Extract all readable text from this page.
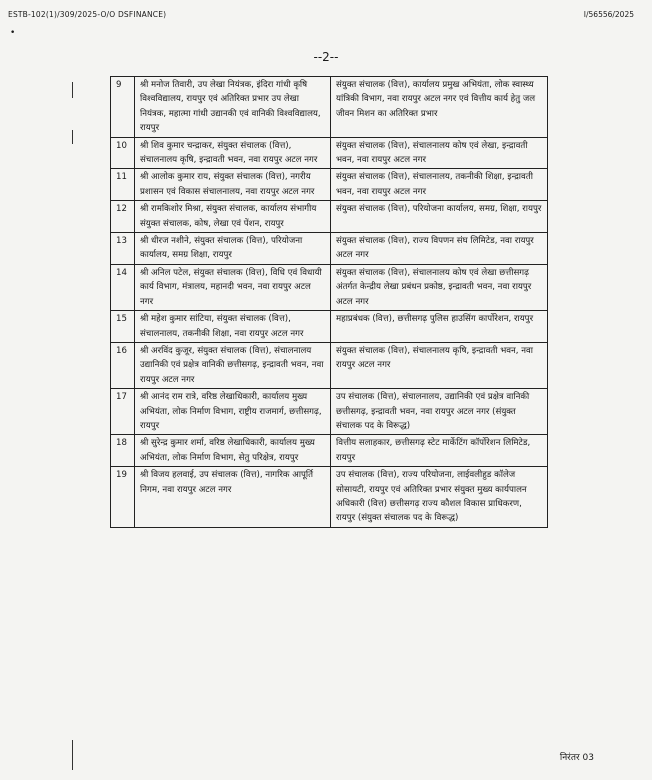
ESTB-102(1)/309/2025-O/O DSFINANCE)	I/56556/2025
•
--2--
9	श्री मनोज तिवारी, उप लेखा नियंत्रक, इंदिरा गांधी कृषि विश्वविद्यालय, रायपुर एवं अतिरिक्त प्रभार उप लेखा नियंत्रक, महात्मा गांधी उद्यानकी एवं वानिकी विश्वविद्यालय, रायपुर	संयुक्त संचालक (वित्त), कार्यालय प्रमुख अभियंता, लोक स्वास्थ्य यांत्रिकी विभाग, नवा रायपुर अटल नगर एवं वित्तीय कार्य हेतु जल जीवन मिशन का अतिरिक्त प्रभार
10	श्री शिव कुमार चन्द्राकर, संयुक्त संचालक (वित्त), संचालनालय कृषि, इन्द्रावती भवन, नवा रायपुर अटल नगर	संयुक्त संचालक (वित्त), संचालनालय कोष एवं लेखा, इन्द्रावती भवन, नवा रायपुर अटल नगर
11	श्री आलोक कुमार राय, संयुक्त संचालक (वित्त), नगरीय प्रशासन एवं विकास संचालनालय, नवा रायपुर अटल नगर	संयुक्त संचालक (वित्त), संचालनालय, तकनीकी शिक्षा, इन्द्रावती भवन, नवा रायपुर अटल नगर
12	श्री रामकिशोर मिश्रा, संयुक्त संचालक, कार्यालय संभागीय संयुक्त संचालक, कोष, लेखा एवं पेंशन, रायपुर	संयुक्त संचालक (वित्त), परियोजना कार्यालय, समग्र, शिक्षा, रायपुर
13	श्री धीरज नशीने, संयुक्त संचालक (वित्त), परियोजना कार्यालय, समग्र शिक्षा, रायपुर	संयुक्त संचालक (वित्त), राज्य विपणन संघ लिमिटेड, नवा रायपुर अटल नगर
14	श्री अनिल पटेल, संयुक्त संचालक (वित्त), विधि एवं विधायी कार्य विभाग, मंत्रालय, महानदी भवन, नवा रायपुर अटल नगर	संयुक्त संचालक (वित्त), संचालनालय कोष एवं लेखा छत्तीसगढ़ अंतर्गत केन्द्रीय लेखा प्रबंधन प्रकोष्ठ, इन्द्रावती भवन, नवा रायपुर अटल नगर
15	श्री महेश कुमार सांटिया, संयुक्त संचालक (वित्त), संचालनालय, तकनीकी शिक्षा, नवा रायपुर अटल नगर	महाप्रबंधक (वित्त), छत्तीसगढ़ पुलिस हाउसिंग कार्पोरेशन, रायपुर
16	श्री अरविंद कुजूर, संयुक्त संचालक (वित्त), संचालनालय उद्यानिकी एवं प्रक्षेत्र वानिकी छत्तीसगढ़, इन्द्रावती भवन, नवा रायपुर अटल नगर	संयुक्त संचालक (वित्त), संचालनालय कृषि, इन्द्रावती भवन, नवा रायपुर अटल नगर
17	श्री आनंद राम रात्रे, वरिष्ठ लेखाधिकारी, कार्यालय मुख्य अभियंता, लोक निर्माण विभाग, राष्ट्रीय राजमार्ग, छत्तीसगढ़, रायपुर	उप संचालक (वित्त), संचालनालय, उद्यानिकी एवं प्रक्षेत्र वानिकी छत्तीसगढ़, इन्द्रावती भवन, नवा रायपुर अटल नगर (संयुक्त संचालक पद के विरूद्ध)
18	श्री सुरेन्द्र कुमार शर्मा, वरिष्ठ लेखाधिकारी, कार्यालय मुख्य अभियंता, लोक निर्माण विभाग, सेतु परिक्षेत्र, रायपुर	वित्तीय सलाहकार, छत्तीसगढ़ स्टेट मार्केटिंग कॉर्पोरेशन लिमिटेड, रायपुर
19	श्री विजय हलवाई, उप संचालक (वित्त), नागरिक आपूर्ति निगम, नवा रायपुर अटल नगर	उप संचालक (वित्त), राज्य परियोजना, लाईवलीहुड कॉलेज सोसायटी, रायपुर एवं अतिरिक्त प्रभार संयुक्त मुख्य कार्यपालन अधिकारी (वित्त) छत्तीसगढ़ राज्य कौशल विकास प्राधिकरण, रायपुर (संयुक्त संचालक पद के विरूद्ध)
निरंतर 03
